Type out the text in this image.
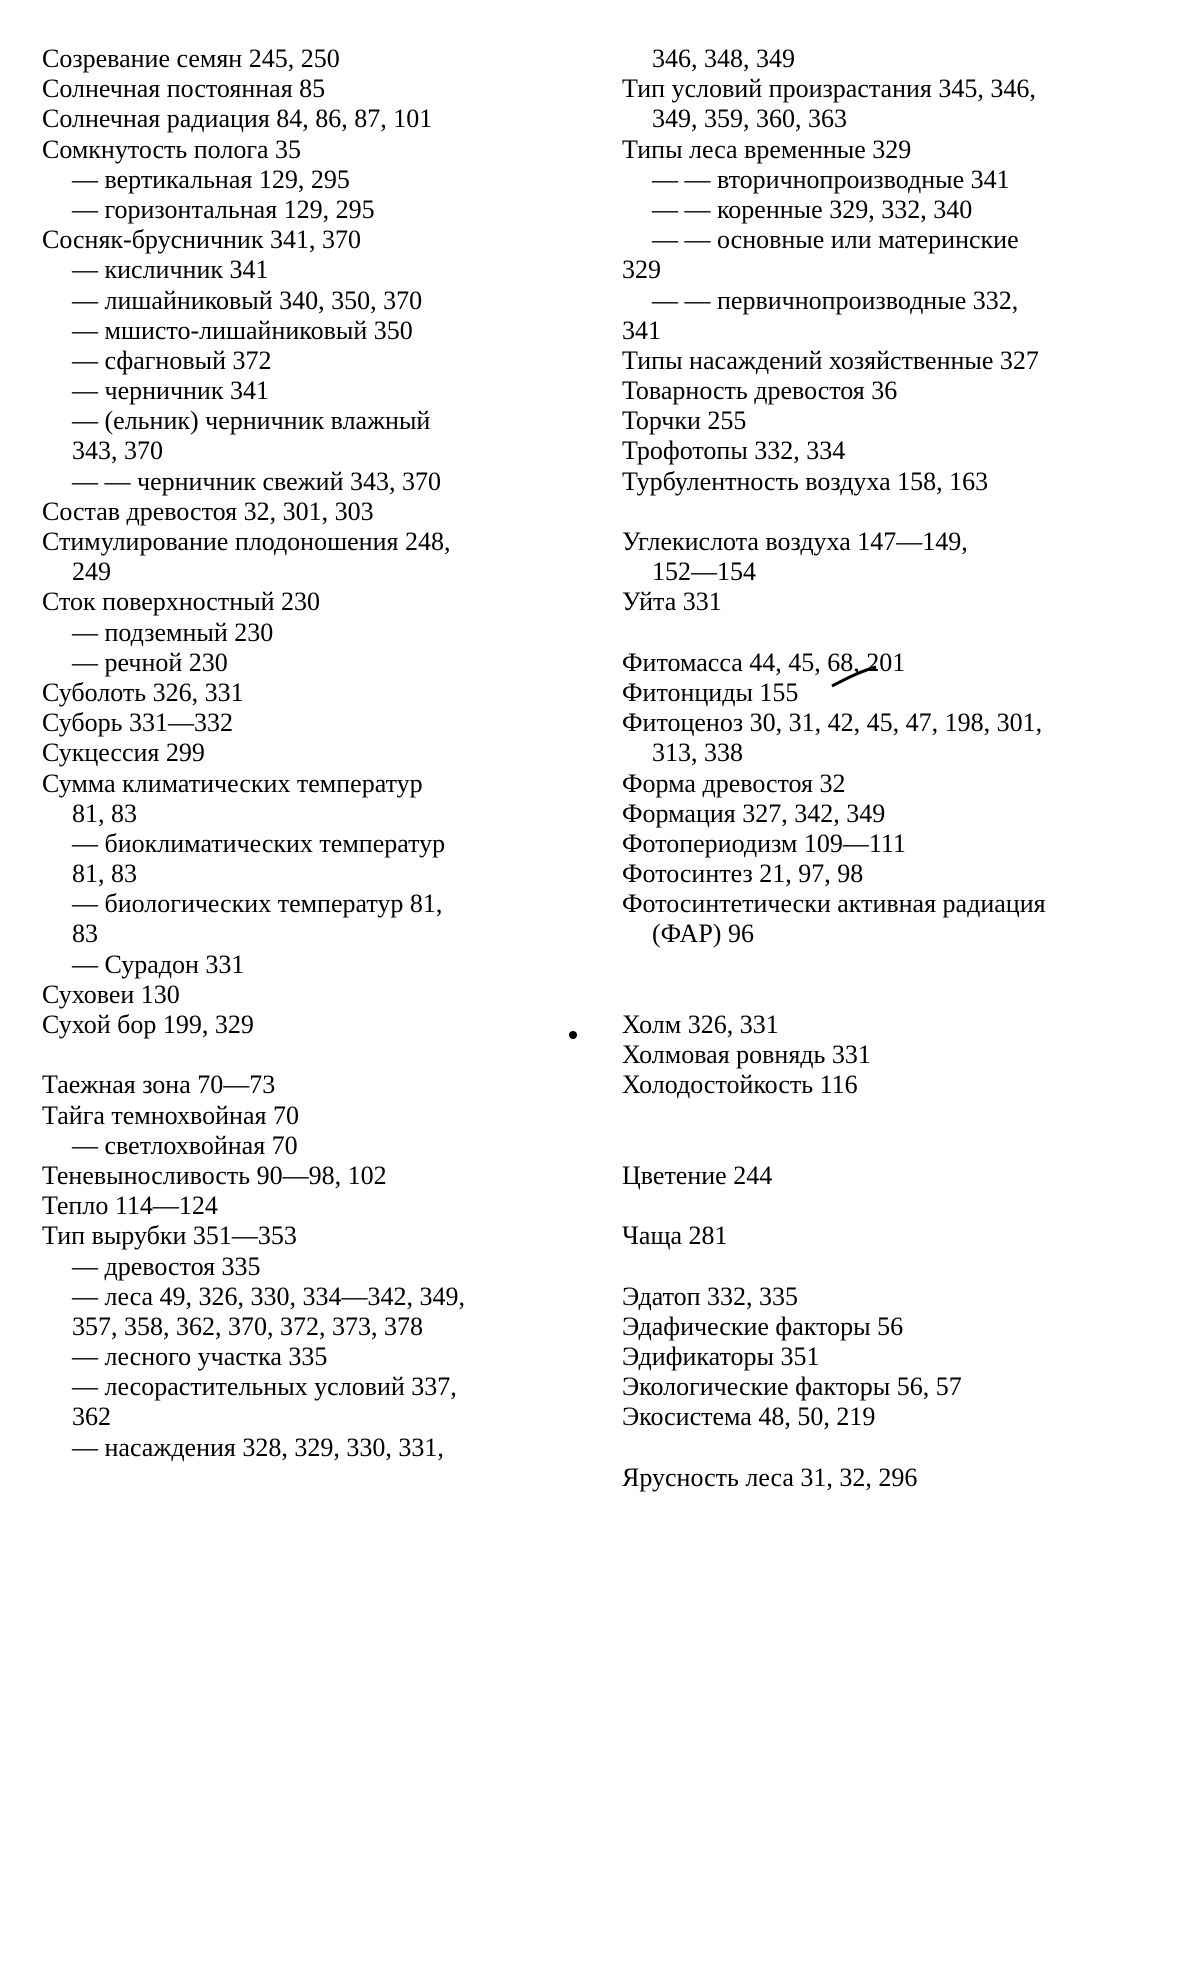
Созревание семян 245, 250
Солнечная постоянная 85
Солнечная радиация 84, 86, 87, 101
Сомкнутость полога 35
— вертикальная 129, 295
— горизонтальная 129, 295
Сосняк-брусничник 341, 370
— кисличник 341
— лишайниковый 340, 350, 370
— мшисто-лишайниковый 350
— сфагновый 372
— черничник 341
— (ельник) черничник влажный
343, 370
— — черничник свежий 343, 370
Состав древостоя 32, 301, 303
Стимулирование плодоношения 248,
249
Сток поверхностный 230
— подземный 230
— речной 230
Суболоть 326, 331
Суборь 331—332
Сукцессия 299
Сумма климатических температур
81, 83
— биоклиматических температур
81, 83
— биологических температур 81,
83
— Сурадон 331
Суховеи 130
Сухой бор 199, 329
Таежная зона 70—73
Тайга темнохвойная 70
— светлохвойная 70
Теневыносливость 90—98, 102
Тепло 114—124
Тип вырубки 351—353
— древостоя 335
— леса 49, 326, 330, 334—342, 349,
357, 358, 362, 370, 372, 373, 378
— лесного участка 335
— лесорастительных условий 337,
362
— насаждения 328, 329, 330, 331,
346, 348, 349
Тип условий произрастания 345, 346,
349, 359, 360, 363
Типы леса временные 329
— — вторичнопроизводные 341
— — коренные 329, 332, 340
— — основные или материнские
329
— — первичнопроизводные 332,
341
Типы насаждений хозяйственные 327
Товарность древостоя 36
Торчки 255
Трофотопы 332, 334
Турбулентность воздуха 158, 163
Углекислота воздуха 147—149,
152—154
Уйта 331
Фитомасса 44, 45, 68, 201
Фитонциды 155
Фитоценоз 30, 31, 42, 45, 47, 198, 301,
313, 338
Форма древостоя 32
Формация 327, 342, 349
Фотопериодизм 109—111
Фотосинтез 21, 97, 98
Фотосинтетически активная радиация
(ФАР) 96
Холм 326, 331
Холмовая ровнядь 331
Холодостойкость 116
Цветение 244
Чаща 281
Эдатоп 332, 335
Эдафические факторы 56
Эдификаторы 351
Экологические факторы 56, 57
Экосистема 48, 50, 219
Ярусность леса 31, 32, 296
